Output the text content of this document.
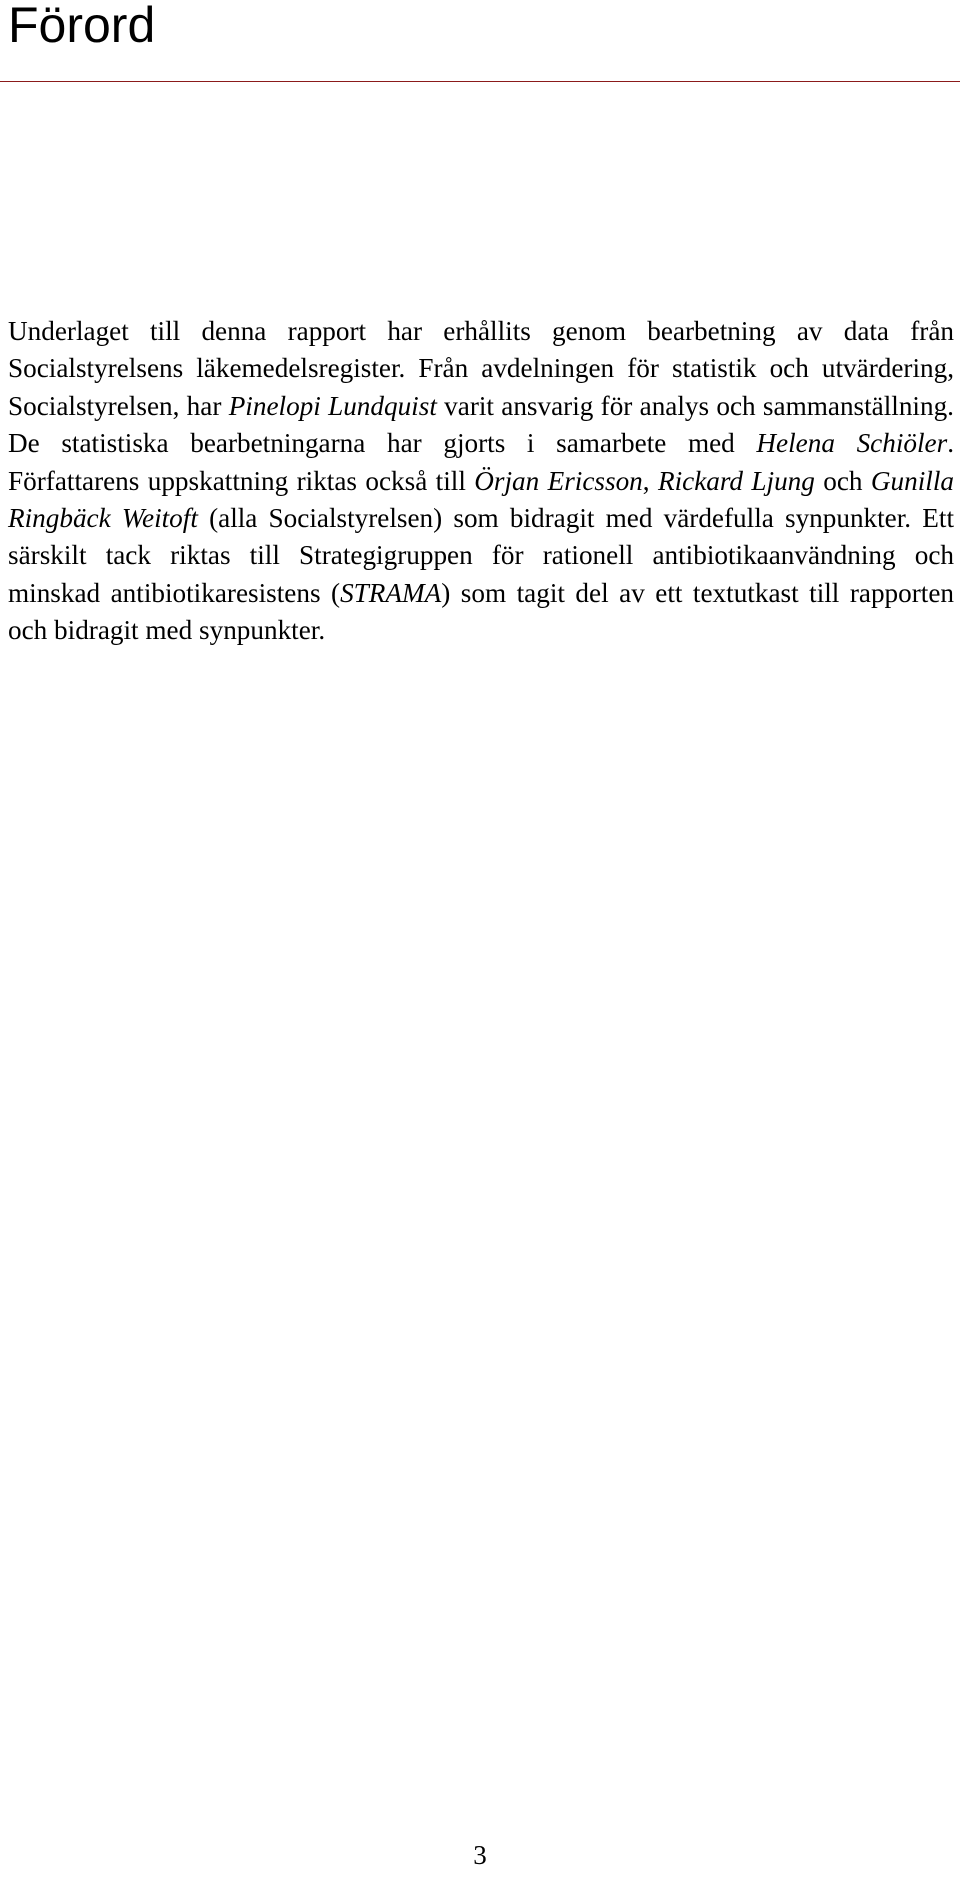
Förord

Underlaget till denna rapport har erhållits genom bearbetning av data från Socialstyrelsens läkemedelsregister. Från avdelningen för statistik och utvärdering, Socialstyrelsen, har Pinelopi Lundquist varit ansvarig för analys och sammanställning. De statistiska bearbetningarna har gjorts i samarbete med Helena Schiöler. Författarens uppskattning riktas också till Örjan Ericsson, Rickard Ljung och Gunilla Ringbäck Weitoft (alla Socialstyrelsen) som bidragit med värdefulla synpunkter. Ett särskilt tack riktas till Strategigruppen för rationell antibiotikaanvändning och minskad antibiotikaresistens (STRAMA) som tagit del av ett textutkast till rapporten och bidragit med synpunkter.

3
